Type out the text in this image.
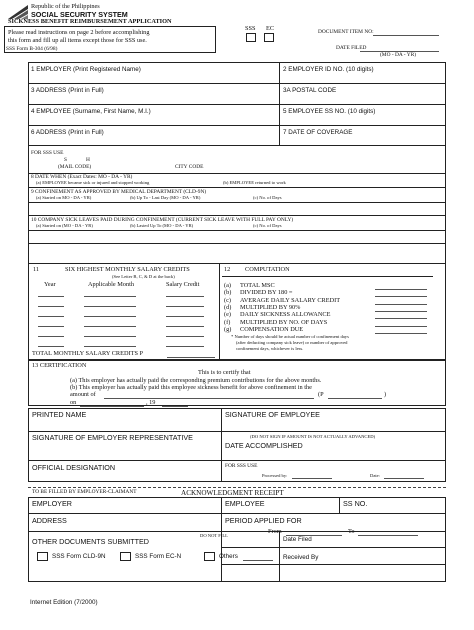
Republic of the Philippines
SOCIAL SECURITY SYSTEM
SICKNESS BENEFIT REIMBURSEMENT APPLICATION
Please read instructions on page 2 before accomplishing
this form and fill up all items except those for SSS use.
SSS Form B-304 (6/98)
SSS EC	DOCUMENT ITEM NO:
DATE FILED
(MO - DA - YR)
1 EMPLOYER (Print Registered Name)	2 EMPLOYER ID NO. (10 digits)
3 ADDRESS (Print in Full)	3A POSTAL CODE
4 EMPLOYEE (Surname, First Name, M.I.)	5 EMPLOYEE SS NO. (10 digits)
6 ADDRESS (Print in Full)	7 DATE OF COVERAGE
FOR SSS USE
S	H
(MAIL CODE)	CITY CODE
8 DATE WHEN (Exact Dates: MO - DA - YR)
(a) EMPLOYEE became sick or injured and stopped working	(b) EMPLOYEE returned to work
9 CONFINEMENT AS APPROVED BY MEDICAL DEPARTMENT (CLD-9N)
(a) Started on MO - DA - YR)	(b) Up To - Last Day (MO - DA - YR)	(c) No. of Days
10 COMPANY SICK LEAVES PAID DURING CONFINEMENT (CURRENT SICK LEAVE WITH FULL PAY ONLY)
(a) Started on (MO - DA - YR)	(b) Lasted Up To (MO - DA - YR)	(c) No. of Days
11	SIX HIGHEST MONTHLY SALARY CREDITS
(See Letter B, C, & D at the back)
Year	Applicable Month	Salary Credit
TOTAL MONTHLY SALARY CREDITS P
12 COMPUTATION
(a) TOTAL MSC
(b) DIVIDED BY 180 =
(c) AVERAGE DAILY SALARY CREDIT
(d) MULTIPLIED BY 90%
(e) DAILY SICKNESS ALLOWANCE
(f) MULTIPLIED BY NO. OF DAYS
(g) COMPENSATION DUE
* Number of days should be actual number of confinement days
(after deducting company sick leave) or number of approved
confinement days, whichever is less.
13 CERTIFICATION
This is to certify that
(a) This employer has actually paid the corresponding premium contributions for the above months.
(b) This employer has actually paid this employee sickness benefit for above confinement in the
amount of	(P	)
on	, 19
PRINTED NAME	SIGNATURE OF EMPLOYEE
SIGNATURE OF EMPLOYER REPRESENTATIVE	(DO NOT SIGN IF AMOUNT IS NOT ACTUALLY ADVANCED)
DATE ACCOMPLISHED
OFFICIAL DESIGNATION	FOR SSS USE
Processed by:	Date:
TO BE FILLED BY EMPLOYER-CLAIMANT	ACKNOWLEDGMENT RECEIPT
EMPLOYER	EMPLOYEE	SS NO.
ADDRESS	PERIOD APPLIED FOR
From	To
OTHER DOCUMENTS SUBMITTED
DO NOT FILL
SSS Form CLD-9N	SSS Form EC-N	Others
Date Filed
Received By
Internet Edition (7/2000)
